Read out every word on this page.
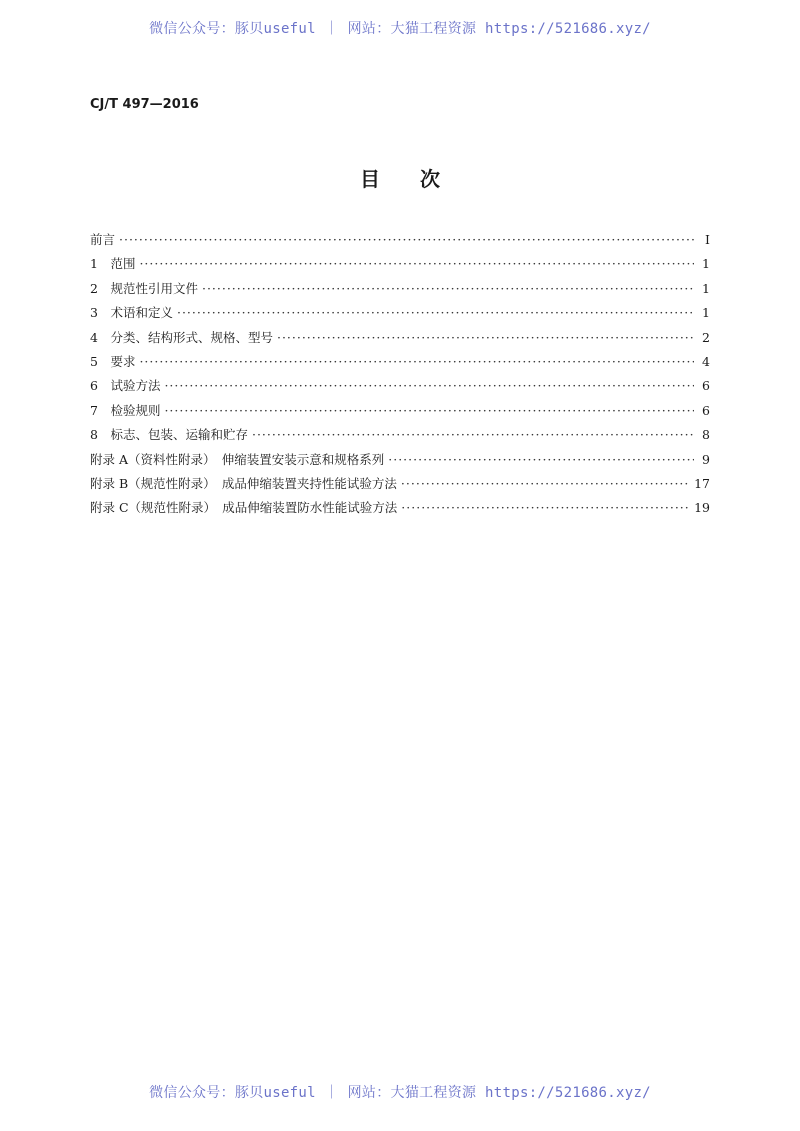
微信公众号：豚贝useful ｜ 网站：大猫工程资源 https://521686.xyz/
CJ/T 497—2016
目次
前言 ·····	Ⅰ
1　范围 ·····	1
2　规范性引用文件 ·····	1
3　术语和定义 ·····	1
4　分类、结构形式、规格、型号 ·····	2
5　要求 ·····	4
6　试验方法 ·····	6
7　检验规则 ·····	6
8　标志、包装、运输和贮存 ·····	8
附录 A（资料性附录）　伸缩装置安装示意和规格系列 ·····	9
附录 B（规范性附录）　成品伸缩装置夹持性能试验方法 ·····	17
附录 C（规范性附录）　成品伸缩装置防水性能试验方法 ·····	19
微信公众号：豚贝useful ｜ 网站：大猫工程资源 https://521686.xyz/
